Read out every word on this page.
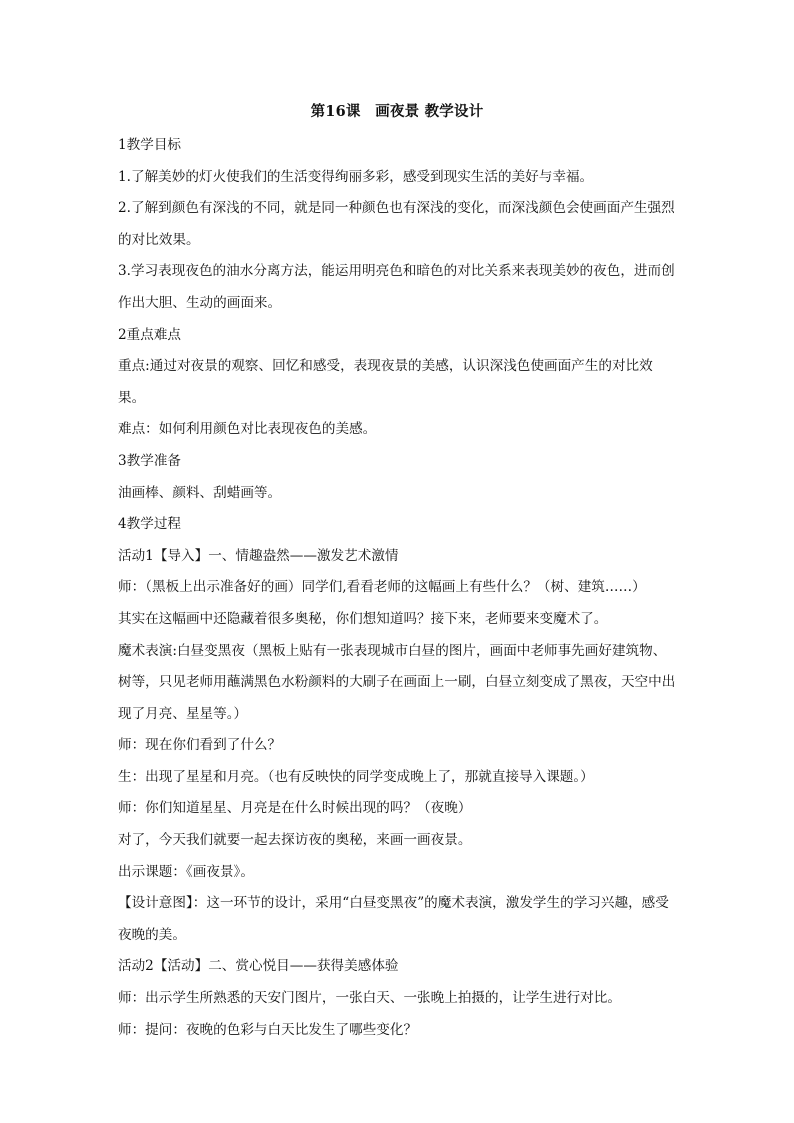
第16课　画夜景 教学设计

1教学目标

1.了解美妙的灯火使我们的生活变得绚丽多彩，感受到现实生活的美好与幸福。

2.了解到颜色有深浅的不同，就是同一种颜色也有深浅的变化，而深浅颜色会使画面产生强烈的对比效果。

3.学习表现夜色的油水分离方法，能运用明亮色和暗色的对比关系来表现美妙的夜色，进而创作出大胆、生动的画面来。

2重点难点

重点:通过对夜景的观察、回忆和感受，表现夜景的美感，认识深浅色使画面产生的对比效果。

难点：如何利用颜色对比表现夜色的美感。

3教学准备

油画棒、颜料、刮蜡画等。

4教学过程

活动1【导入】一、情趣盎然——激发艺术激情

师：（黑板上出示准备好的画）同学们,看看老师的这幅画上有些什么？（树、建筑……）

其实在这幅画中还隐藏着很多奥秘，你们想知道吗？接下来，老师要来变魔术了。

魔术表演:白昼变黑夜（黑板上贴有一张表现城市白昼的图片，画面中老师事先画好建筑物、树等，只见老师用蘸满黑色水粉颜料的大刷子在画面上一刷，白昼立刻变成了黑夜，天空中出现了月亮、星星等。）

师：现在你们看到了什么？

生：出现了星星和月亮。（也有反映快的同学变成晚上了，那就直接导入课题。）

师：你们知道星星、月亮是在什么时候出现的吗？（夜晚）

对了，今天我们就要一起去探访夜的奥秘，来画一画夜景。

出示课题：《画夜景》。

【设计意图】：这一环节的设计，采用“白昼变黑夜”的魔术表演，激发学生的学习兴趣，感受夜晚的美。

活动2【活动】二、赏心悦目——获得美感体验

师：出示学生所熟悉的天安门图片，一张白天、一张晚上拍摄的，让学生进行对比。

师：提问：夜晚的色彩与白天比发生了哪些变化？
